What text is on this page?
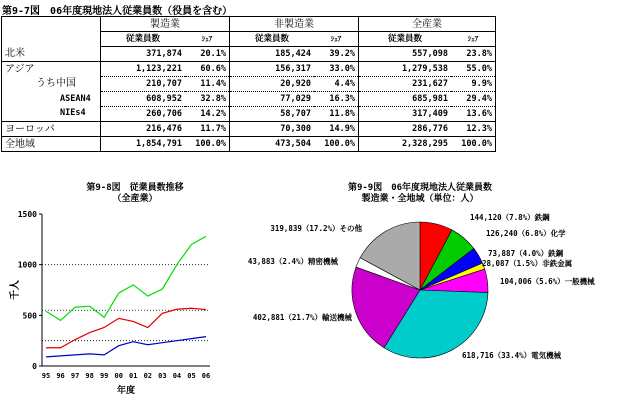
第9-7図　06年度現地法人従業員数（役員を含む）
	製造業		非製造業		全産業	
	従業員数	ｼｪｱ	従業員数	ｼｪｱ	従業員数	ｼｪｱ
北米	371,874	20.1%	185,424	39.2%	557,098	23.8%
アジア	1,123,221	60.6%	156,317	33.0%	1,279,538	55.0%
うち中国	210,707	11.4%	20,920	4.4%	231,627	9.9%
ASEAN4	608,952	32.8%	77,029	16.3%	685,981	29.4%
NIEs4	260,706	14.2%	58,707	11.8%	317,409	13.6%
ヨーロッパ	216,476	11.7%	70,300	14.9%	286,776	12.3%
全地域	1,854,791	100.0%	473,504	100.0%	2,328,295	100.0%
第9-8図　従業員数推移
（全産業）
0
500
1000
1500
95 96 97 98 99 00 01 02 03 04 05 06
千人
年度
第9-9図　06年度現地法人従業員数
製造業・全地域（単位：人）
144,120（7.8%）鉄鋼
126,240（6.8%）化学
73,887（4.0%）鉄鋼
28,087（1.5%）非鉄金属
104,006（5.6%）一般機械
618,716（33.4%）電気機械
402,881（21.7%）輸送機械
43,883（2.4%）精密機械
319,839（17.2%）その他
